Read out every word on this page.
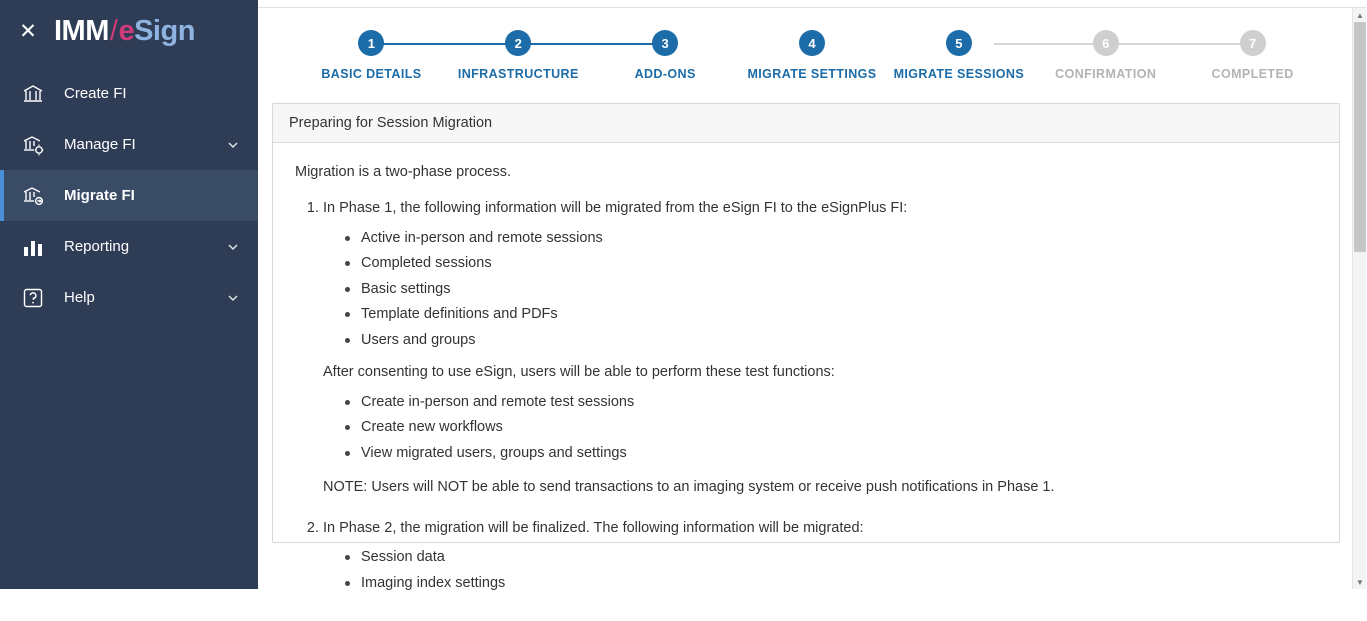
✕ IMM / e Sign
Create FI
Manage FI
Migrate FI
Reporting
Help
1
BASIC DETAILS
2
INFRASTRUCTURE
3
ADD-ONS
4
MIGRATE SETTINGS
5
MIGRATE SESSIONS
6
CONFIRMATION
7
COMPLETED
Preparing for Session Migration

Migration is a two-phase process.

1. In Phase 1, the following information will be migrated from the eSign FI to the eSignPlus FI:
Active in-person and remote sessions
Completed sessions
Basic settings
Template definitions and PDFs
Users and groups

After consenting to use eSign, users will be able to perform these test functions:

Create in-person and remote test sessions
Create new workflows
View migrated users, groups and settings

NOTE: Users will NOT be able to send transactions to an imaging system or receive push notifications in Phase 1.

2. In Phase 2, the migration will be finalized. The following information will be migrated:
Session data
Imaging index settings
▲
▼
